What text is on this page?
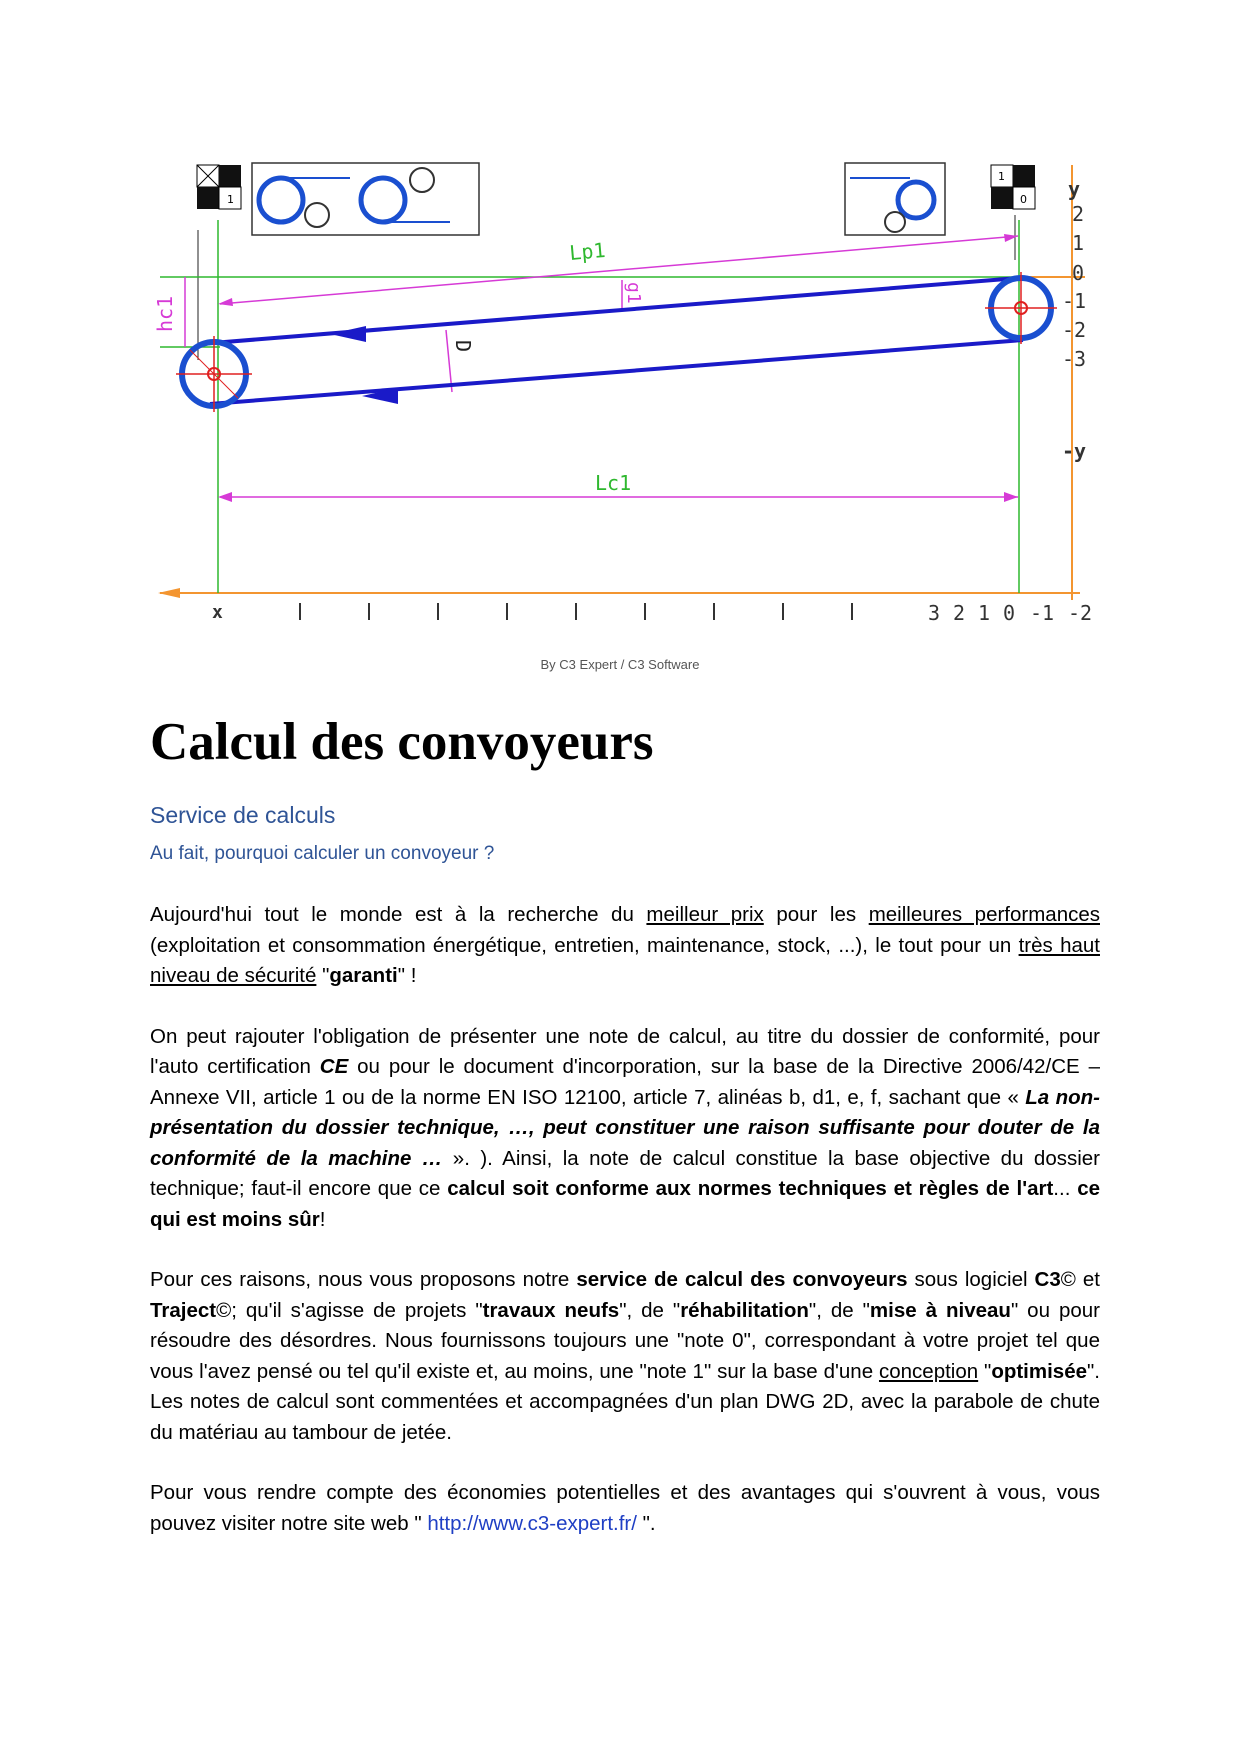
Lp1
Lc1
hc1
g1
D
1
1
0 y
2
1
0
-1
-2
-3
-y
x	3 2 1 0 -1 -2
By C3 Expert / C3 Software
Calcul des convoyeurs
Service de calculs
Au fait, pourquoi calculer un convoyeur ?

Aujourd'hui tout le monde est à la recherche du meilleur prix pour les meilleures performances (exploitation et consommation énergétique, entretien, maintenance, stock, ...), le tout pour un très haut niveau de sécurité "garanti" !

On peut rajouter l'obligation de présenter une note de calcul, au titre du dossier de conformité, pour l'auto certification CE ou pour le document d'incorporation, sur la base de la Directive 2006/42/CE – Annexe VII, article 1 ou de la norme EN ISO 12100, article 7, alinéas b, d1, e, f, sachant que « La non-présentation du dossier technique, …, peut constituer une raison suffisante pour douter de la conformité de la machine … ». ). Ainsi, la note de calcul constitue la base objective du dossier technique; faut-il encore que ce calcul soit conforme aux normes techniques et règles de l'art... ce qui est moins sûr!

Pour ces raisons, nous vous proposons notre service de calcul des convoyeurs sous logiciel C3© et Traject©; qu'il s'agisse de projets "travaux neufs", de "réhabilitation", de "mise à niveau" ou pour résoudre des désordres. Nous fournissons toujours une "note 0", correspondant à votre projet tel que vous l'avez pensé ou tel qu'il existe et, au moins, une "note 1" sur la base d'une conception "optimisée". Les notes de calcul sont commentées et accompagnées d'un plan DWG 2D, avec la parabole de chute du matériau au tambour de jetée.

Pour vous rendre compte des économies potentielles et des avantages qui s'ouvrent à vous, vous pouvez visiter notre site web " http://www.c3-expert.fr/ ".
